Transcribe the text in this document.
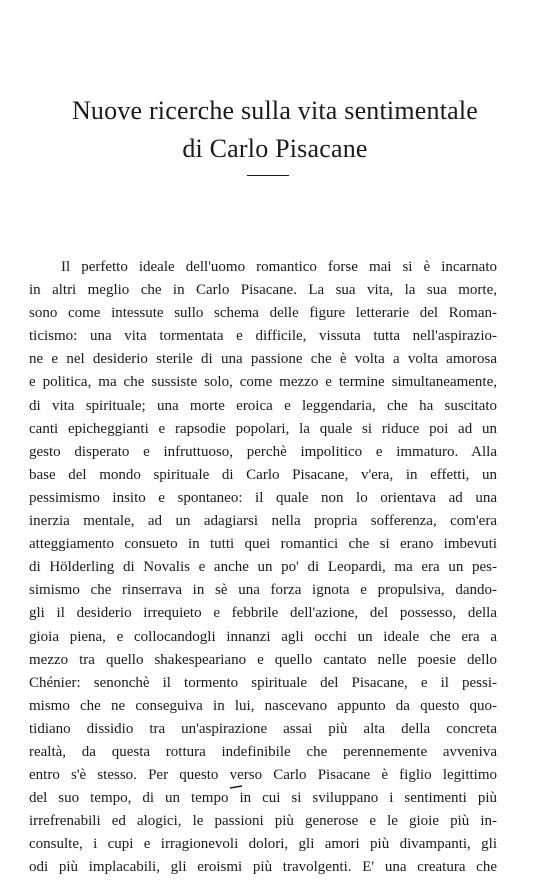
Nuove ricerche sulla vita sentimentale
di Carlo Pisacane
Il perfetto ideale dell'uomo romantico forse mai si è incarnato
in altri meglio che in Carlo Pisacane. La sua vita, la sua morte,
sono come intessute sullo schema delle figure letterarie del Roman-
ticismo: una vita tormentata e difficile, vissuta tutta nell'aspirazio-
ne e nel desiderio sterile di una passione che è volta a volta amorosa
e politica, ma che sussiste solo, come mezzo e termine simultaneamente,
di vita spirituale; una morte eroica e leggendaria, che ha suscitato
canti epicheggianti e rapsodie popolari, la quale si riduce poi ad un
gesto disperato e infruttuoso, perchè impolitico e immaturo. Alla
base del mondo spirituale di Carlo Pisacane, v'era, in effetti, un
pessimismo insito e spontaneo: il quale non lo orientava ad una
inerzia mentale, ad un adagiarsi nella propria sofferenza, com'era
atteggiamento consueto in tutti quei romantici che si erano imbevuti
di Hölderling di Novalis e anche un po' di Leopardi, ma era un pes-
simismo che rinserrava in sè una forza ignota e propulsiva, dando-
gli il desiderio irrequieto e febbrile dell'azione, del possesso, della
gioia piena, e collocandogli innanzi agli occhi un ideale che era a
mezzo tra quello shakespeariano e quello cantato nelle poesie dello
Chénier: senonchè il tormento spirituale del Pisacane, e il pessi-
mismo che ne conseguiva in lui, nascevano appunto da questo quo-
tidiano dissidio tra un'aspirazione assai più alta della concreta
realtà, da questa rottura indefinibile che perennemente avveniva
entro s'è stesso. Per questo verso Carlo Pisacane è figlio legittimo
del suo tempo, di un tempo in cui si sviluppano i sentimenti più
irrefrenabili ed alogici, le passioni più generose e le gioie più in-
consulte, i cupi e irragionevoli dolori, gli amori più divampanti, gli
odi più implacabili, gli eroismi più travolgenti. E' una creatura che
